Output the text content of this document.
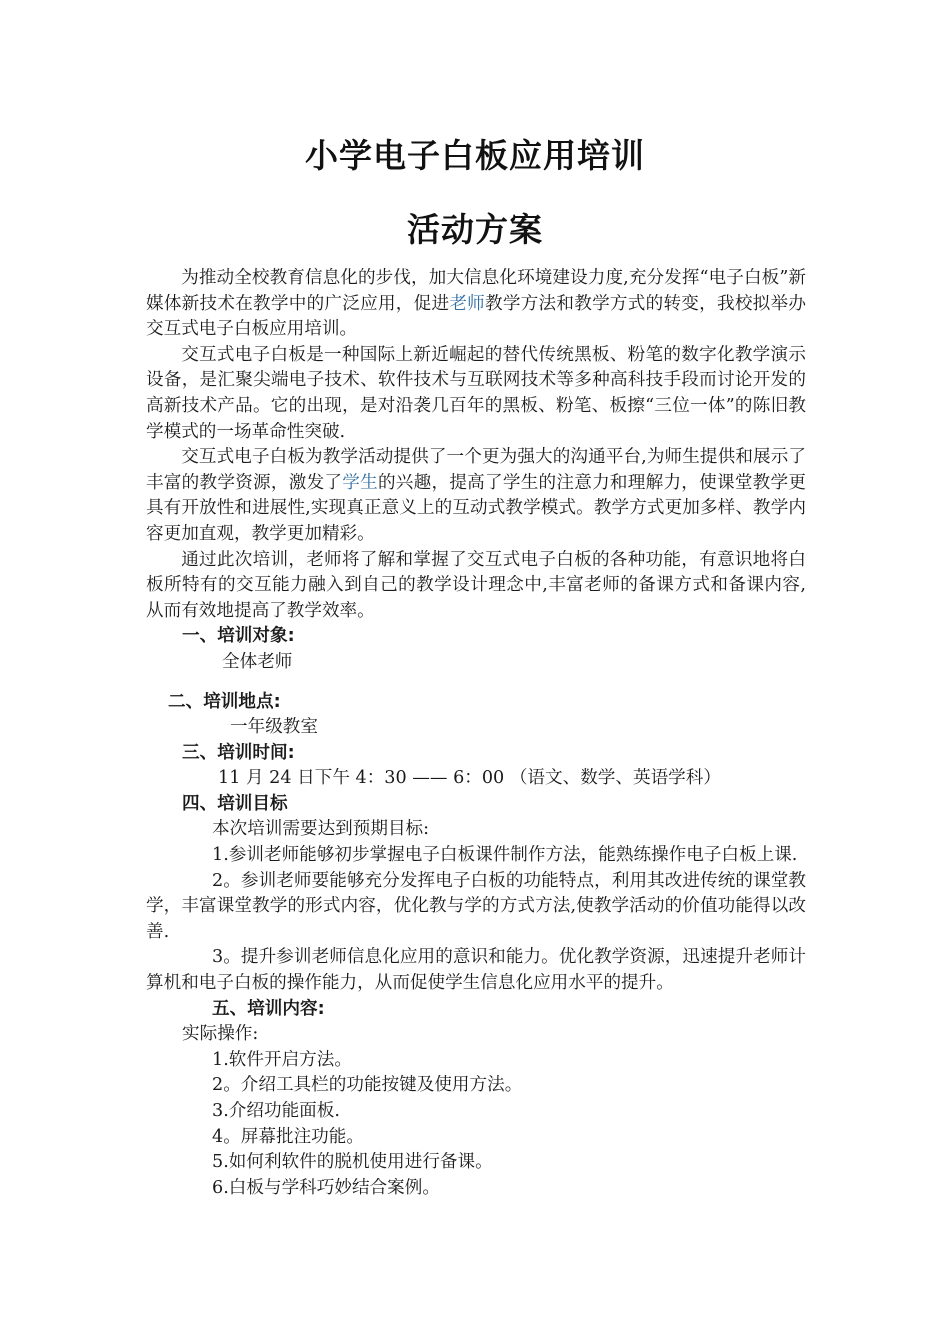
小学电子白板应用培训
活动方案

为推动全校教育信息化的步伐，加大信息化环境建设力度,充分发挥“电子白板”新媒体新技术在教学中的广泛应用，促进老师教学方法和教学方式的转变，我校拟举办交互式电子白板应用培训。

交互式电子白板是一种国际上新近崛起的替代传统黑板、粉笔的数字化教学演示设备，是汇聚尖端电子技术、软件技术与互联网技术等多种高科技手段而讨论开发的高新技术产品。它的出现，是对沿袭几百年的黑板、粉笔、板擦“三位一体”的陈旧教学模式的一场革命性突破.

交互式电子白板为教学活动提供了一个更为强大的沟通平台,为师生提供和展示了丰富的教学资源，激发了学生的兴趣，提高了学生的注意力和理解力，使课堂教学更具有开放性和进展性,实现真正意义上的互动式教学模式。教学方式更加多样、教学内容更加直观，教学更加精彩。

通过此次培训，老师将了解和掌握了交互式电子白板的各种功能，有意识地将白板所特有的交互能力融入到自己的教学设计理念中,丰富老师的备课方式和备课内容,从而有效地提高了教学效率。

一、培训对象:

全体老师

二、培训地点:

一年级教室

三、培训时间:

11 月 24 日下午 4：30 —— 6：00 （语文、数学、英语学科）

四、培训目标

本次培训需要达到预期目标:

1.参训老师能够初步掌握电子白板课件制作方法，能熟练操作电子白板上课.

2。参训老师要能够充分发挥电子白板的功能特点，利用其改进传统的课堂教学，丰富课堂教学的形式内容，优化教与学的方式方法,使教学活动的价值功能得以改善.

3。提升参训老师信息化应用的意识和能力。优化教学资源，迅速提升老师计算机和电子白板的操作能力，从而促使学生信息化应用水平的提升。

五、培训内容:

实际操作:

1.软件开启方法。

2。介绍工具栏的功能按键及使用方法。

3.介绍功能面板.

4。屏幕批注功能。

5.如何利软件的脱机使用进行备课。

6.白板与学科巧妙结合案例。
